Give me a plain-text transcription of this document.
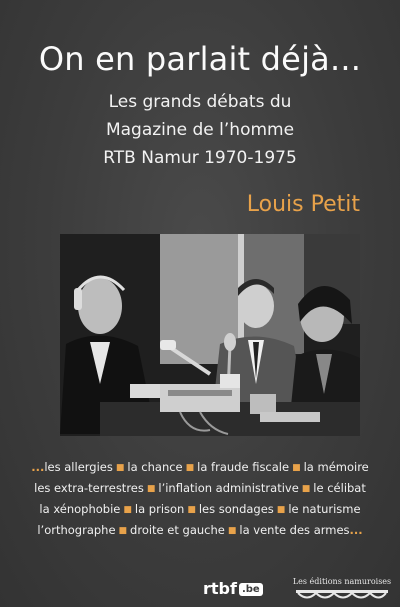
On en parlait déjà...
Les grands débats du
Magazine de l’homme
RTB Namur 1970-1975
Louis Petit
...les allergies ■ la chance ■ la fraude fiscale ■ la mémoire
les extra-terrestres ■ l’inflation administrative ■ le célibat
la xénophobie ■ la prison ■ les sondages ■ le naturisme
l’orthographe ■ droite et gauche ■ la vente des armes...
rtbf .be
Les éditions namuroises
